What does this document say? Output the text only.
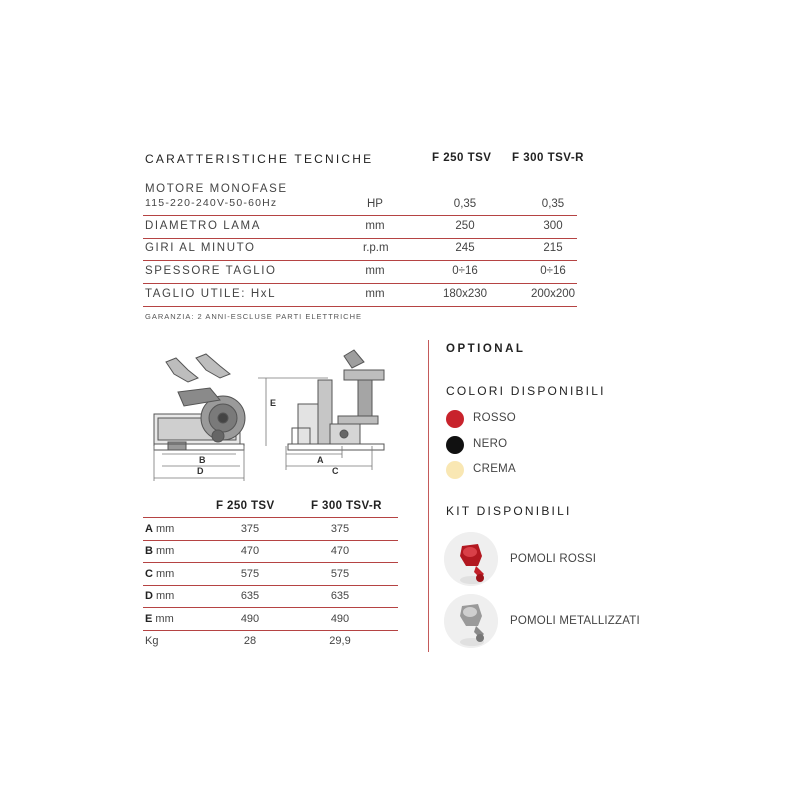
CARATTERISTICHE TECNICHE	F 250 TSV F 300 TSV-R
MOTORE MONOFASE
115-220-240V-50-60Hz	HP	0,35	0,35
DIAMETRO LAMA	mm	250	300
GIRI AL MINUTO	r.p.m	245	215
SPESSORE TAGLIO	mm	0÷16	0÷16
TAGLIO UTILE: HxL	mm	180x230	200x200
GARANZIA: 2 ANNI-ESCLUSE PARTI ELETTRICHE
B
D
E
A
C
F 250 TSV	F 300 TSV-R
A mm	375	375
B mm	470	470
C mm	575	575
D mm	635	635
E mm	490	490
Kg	28	29,9
OPTIONAL
COLORI DISPONIBILI
ROSSO
NERO
CREMA
KIT DISPONIBILI
POMOLI ROSSI
POMOLI METALLIZZATI
